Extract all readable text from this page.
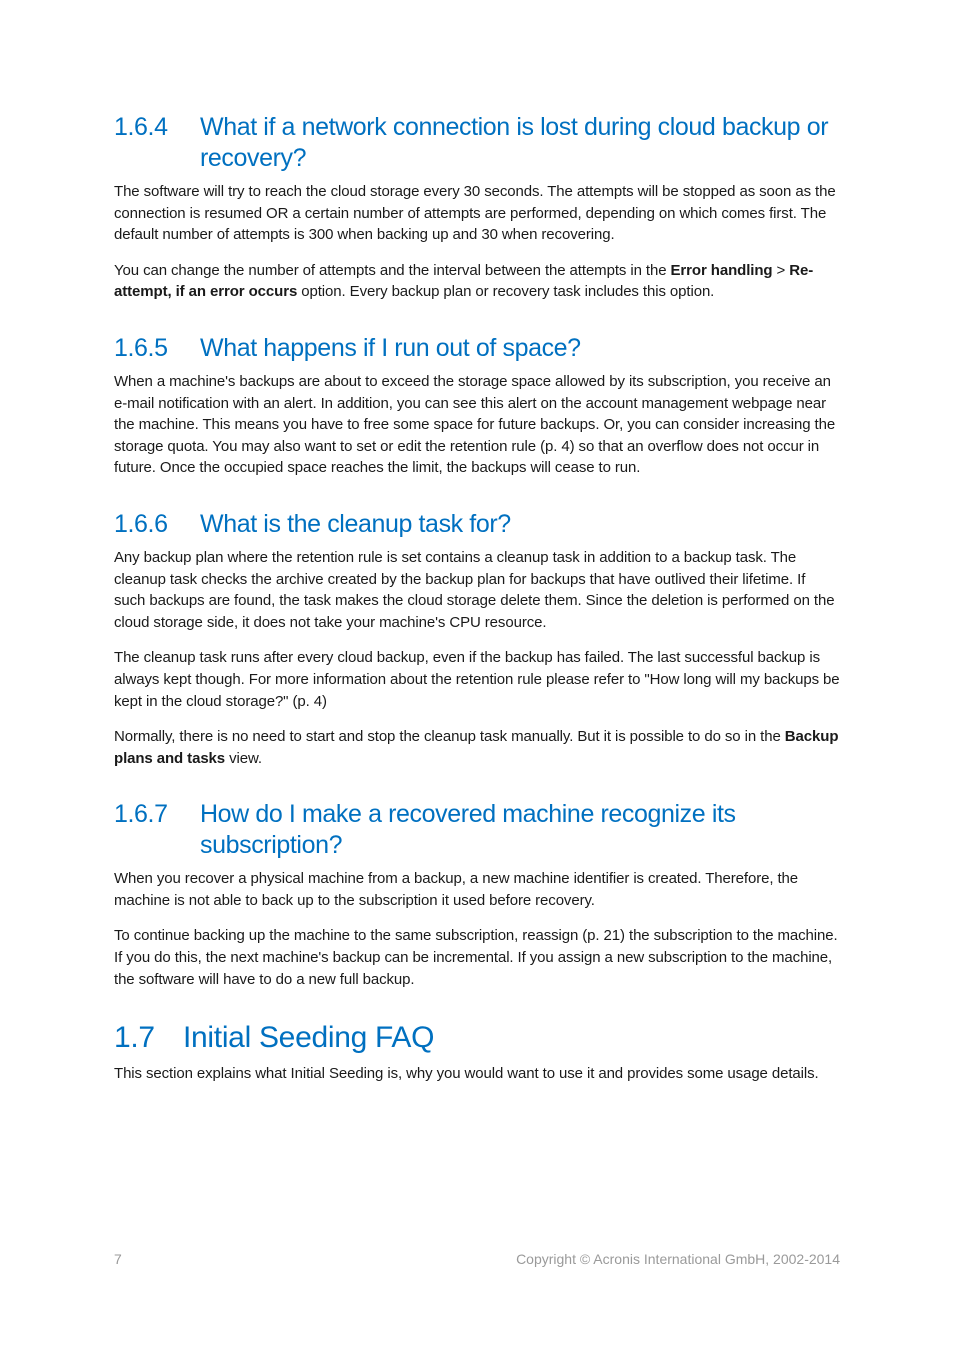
1.6.4	What if a network connection is lost during cloud backup or recovery?

The software will try to reach the cloud storage every 30 seconds. The attempts will be stopped as soon as the connection is resumed OR a certain number of attempts are performed, depending on which comes first. The default number of attempts is 300 when backing up and 30 when recovering.

You can change the number of attempts and the interval between the attempts in the Error handling > Re-attempt, if an error occurs option. Every backup plan or recovery task includes this option.

1.6.5	What happens if I run out of space?

When a machine's backups are about to exceed the storage space allowed by its subscription, you receive an e-mail notification with an alert. In addition, you can see this alert on the account management webpage near the machine. This means you have to free some space for future backups. Or, you can consider increasing the storage quota. You may also want to set or edit the retention rule (p. 4) so that an overflow does not occur in future. Once the occupied space reaches the limit, the backups will cease to run.

1.6.6	What is the cleanup task for?

Any backup plan where the retention rule is set contains a cleanup task in addition to a backup task. The cleanup task checks the archive created by the backup plan for backups that have outlived their lifetime. If such backups are found, the task makes the cloud storage delete them. Since the deletion is performed on the cloud storage side, it does not take your machine's CPU resource.

The cleanup task runs after every cloud backup, even if the backup has failed. The last successful backup is always kept though. For more information about the retention rule please refer to "How long will my backups be kept in the cloud storage?" (p. 4)

Normally, there is no need to start and stop the cleanup task manually. But it is possible to do so in the Backup plans and tasks view.

1.6.7	How do I make a recovered machine recognize its subscription?

When you recover a physical machine from a backup, a new machine identifier is created. Therefore, the machine is not able to back up to the subscription it used before recovery.

To continue backing up the machine to the same subscription, reassign (p. 21) the subscription to the machine. If you do this, the next machine's backup can be incremental. If you assign a new subscription to the machine, the software will have to do a new full backup.

1.7 Initial Seeding FAQ

This section explains what Initial Seeding is, why you would want to use it and provides some usage details.

7	Copyright © Acronis International GmbH, 2002-2014
